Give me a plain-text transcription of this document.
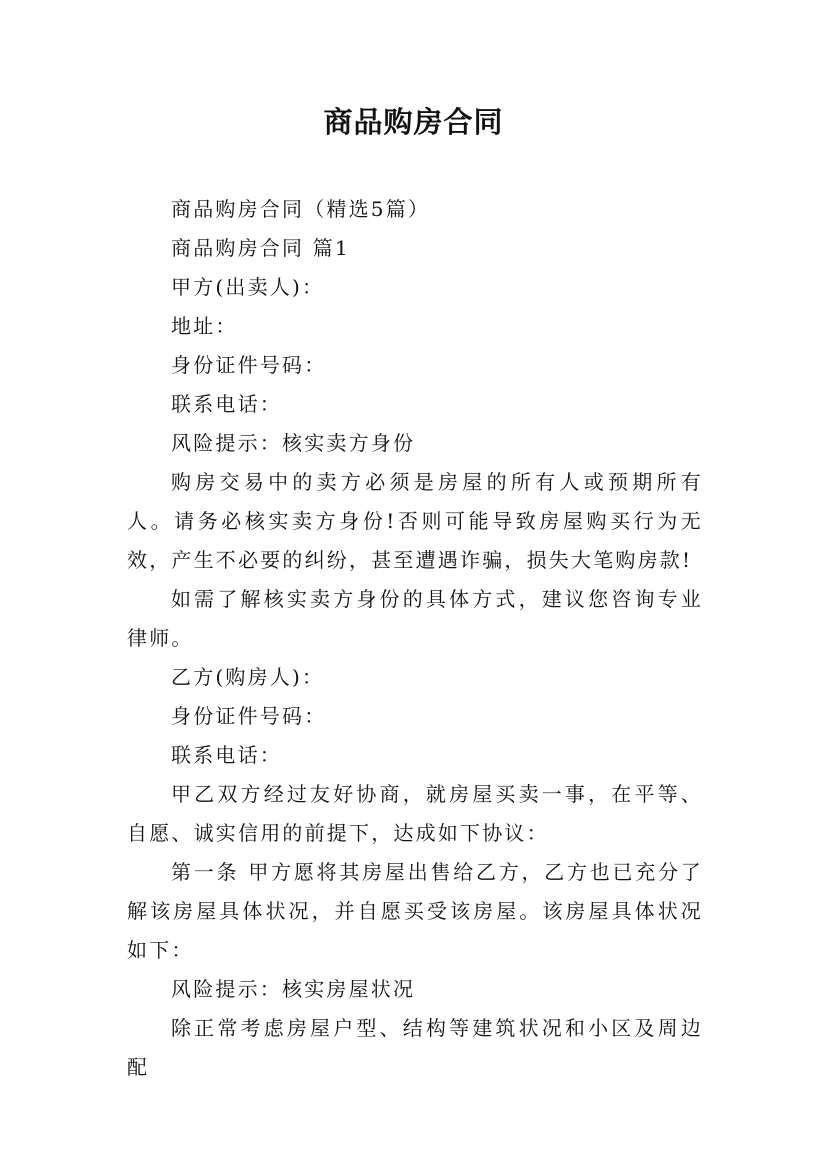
商品购房合同

商品购房合同（精选5篇）

商品购房合同 篇1

甲方(出卖人)：

地址：

身份证件号码：

联系电话：

风险提示：核实卖方身份

购房交易中的卖方必须是房屋的所有人或预期所有人。请务必核实卖方身份!否则可能导致房屋购买行为无效，产生不必要的纠纷，甚至遭遇诈骗，损失大笔购房款!

如需了解核实卖方身份的具体方式，建议您咨询专业律师。

乙方(购房人)：

身份证件号码：

联系电话：

甲乙双方经过友好协商，就房屋买卖一事，在平等、自愿、诚实信用的前提下，达成如下协议：

第一条 甲方愿将其房屋出售给乙方，乙方也已充分了解该房屋具体状况，并自愿买受该房屋。该房屋具体状况如下：

风险提示：核实房屋状况

除正常考虑房屋户型、结构等建筑状况和小区及周边配
